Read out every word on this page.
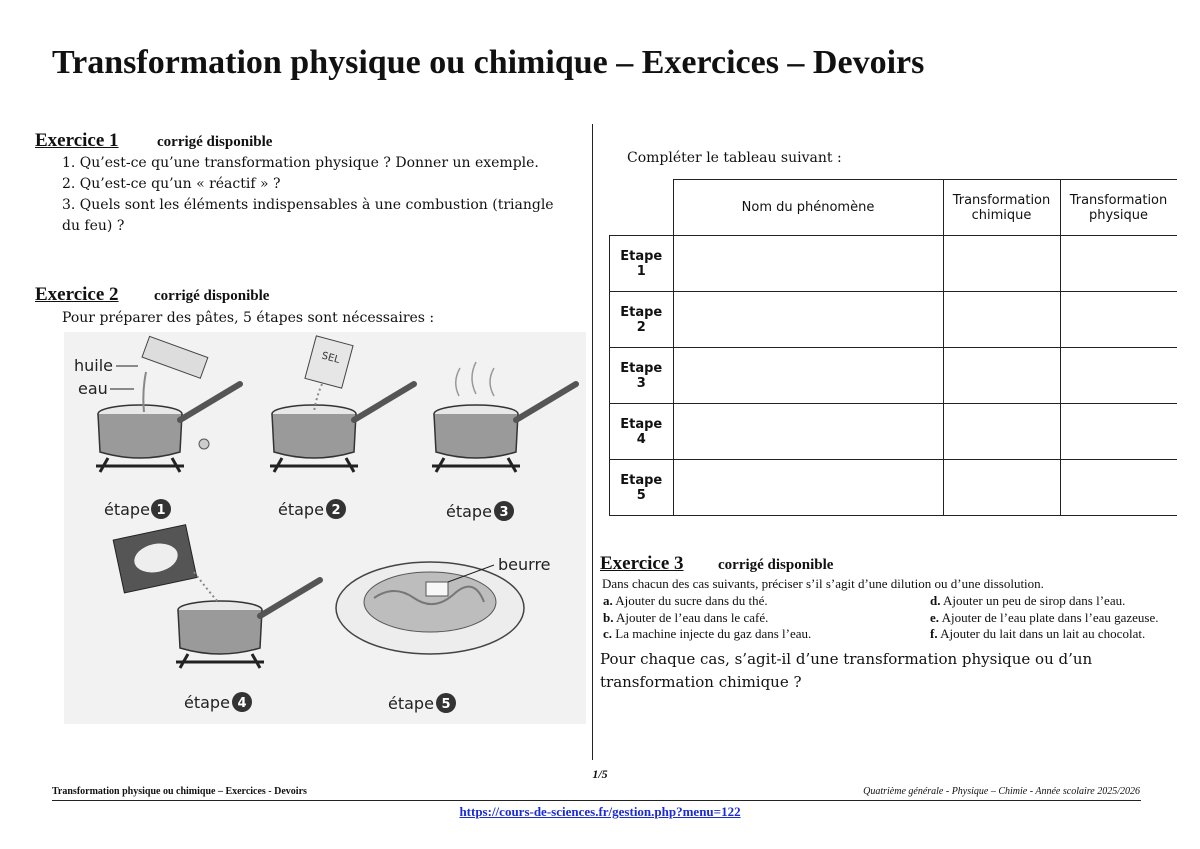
Transformation physique ou chimique – Exercices – Devoirs
Exercice 1	corrigé disponible
1. Qu’est-ce qu’une transformation physique ? Donner un exemple.
2. Qu’est-ce qu’un « réactif » ?
3. Quels sont les éléments indispensables à une combustion (triangle du feu) ?
Exercice 2 corrigé disponible
Pour préparer des pâtes, 5 étapes sont nécessaires :
huile
eau
SEL
beurre
étape 1	étape 2	étape 3
étape 4	étape 5
Compléter le tableau suivant :
	Nom du phénomène	Transformation chimique	Transformation physique

Etape
1			

Etape
2			

Etape
3			

Etape
4			

Etape
5			

Exercice 3 corrigé disponible
Dans chacun des cas suivants, préciser s’il s’agit d’une dilution ou d’une dissolution.
a. Ajouter du sucre dans du thé.
b. Ajouter de l’eau dans le café.
c. La machine injecte du gaz dans l’eau.
d. Ajouter un peu de sirop dans l’eau.
e. Ajouter de l’eau plate dans l’eau gazeuse.
f. Ajouter du lait dans un lait au chocolat.
Pour chaque cas, s’agit-il d’une transformation physique ou d’un transformation chimique ?
1/5
Transformation physique ou chimique – Exercices - Devoirs	Quatrième générale - Physique – Chimie - Année scolaire 2025/2026
https://cours-de-sciences.fr/gestion.php?menu=122
